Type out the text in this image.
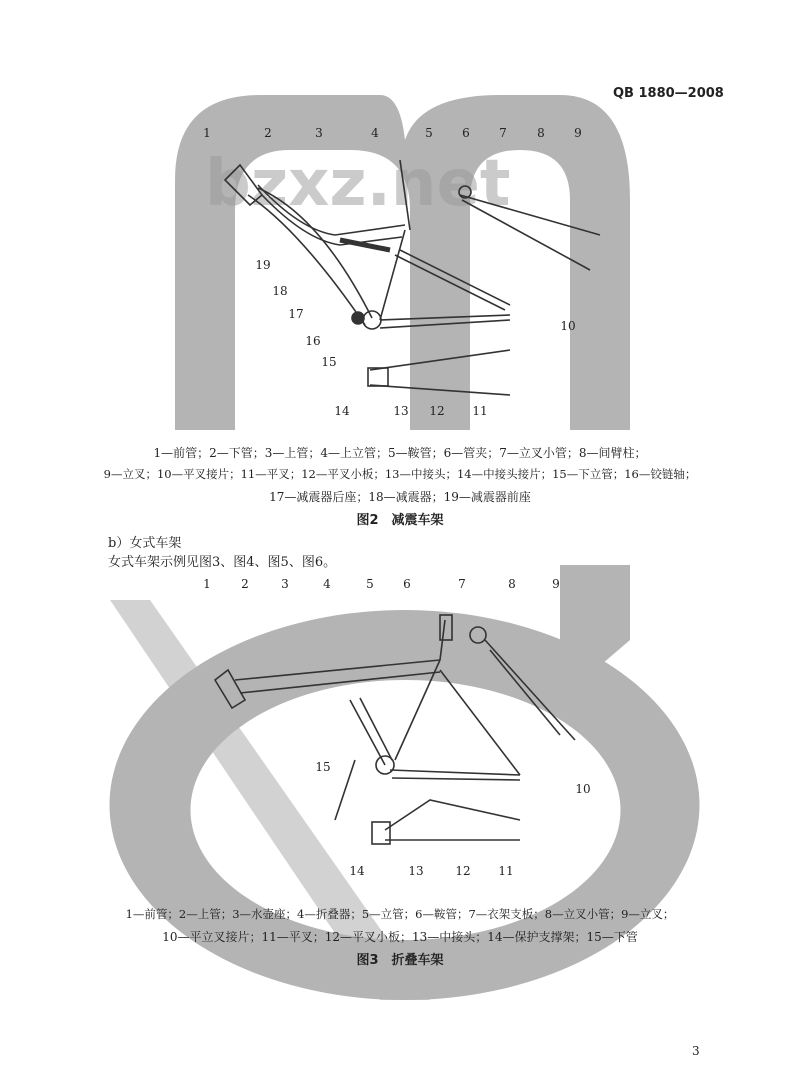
bzxz.net
QB 1880—2008
1	2	3	4	5 6 7	8 9
10
11
12
13
14
15
16
17
18
19
1	2	3	4	5 6	7	8	9
10
11
12
13
14
15
1—前管；2—下管；3—上管；4—上立管；5—鞍管；6—管夹；7—立叉小管；8—间臂柱；
9—立叉；10—平叉接片；11—平叉；12—平叉小板；13—中接头；14—中接头接片；15—下立管；16—铰链轴；
17—减震器后座；18—减震器；19—减震器前座
图2　减震车架
b）女式车架
女式车架示例见图3、图4、图5、图6。
1—前管；2—上管；3—水壶座；4—折叠器；5—立管；6—鞍管；7—衣架支板；8—立叉小管；9—立叉；
10—平立叉接片；11—平叉；12—平叉小板；13—中接头；14—保护支撑架；15—下管
图3　折叠车架
3
